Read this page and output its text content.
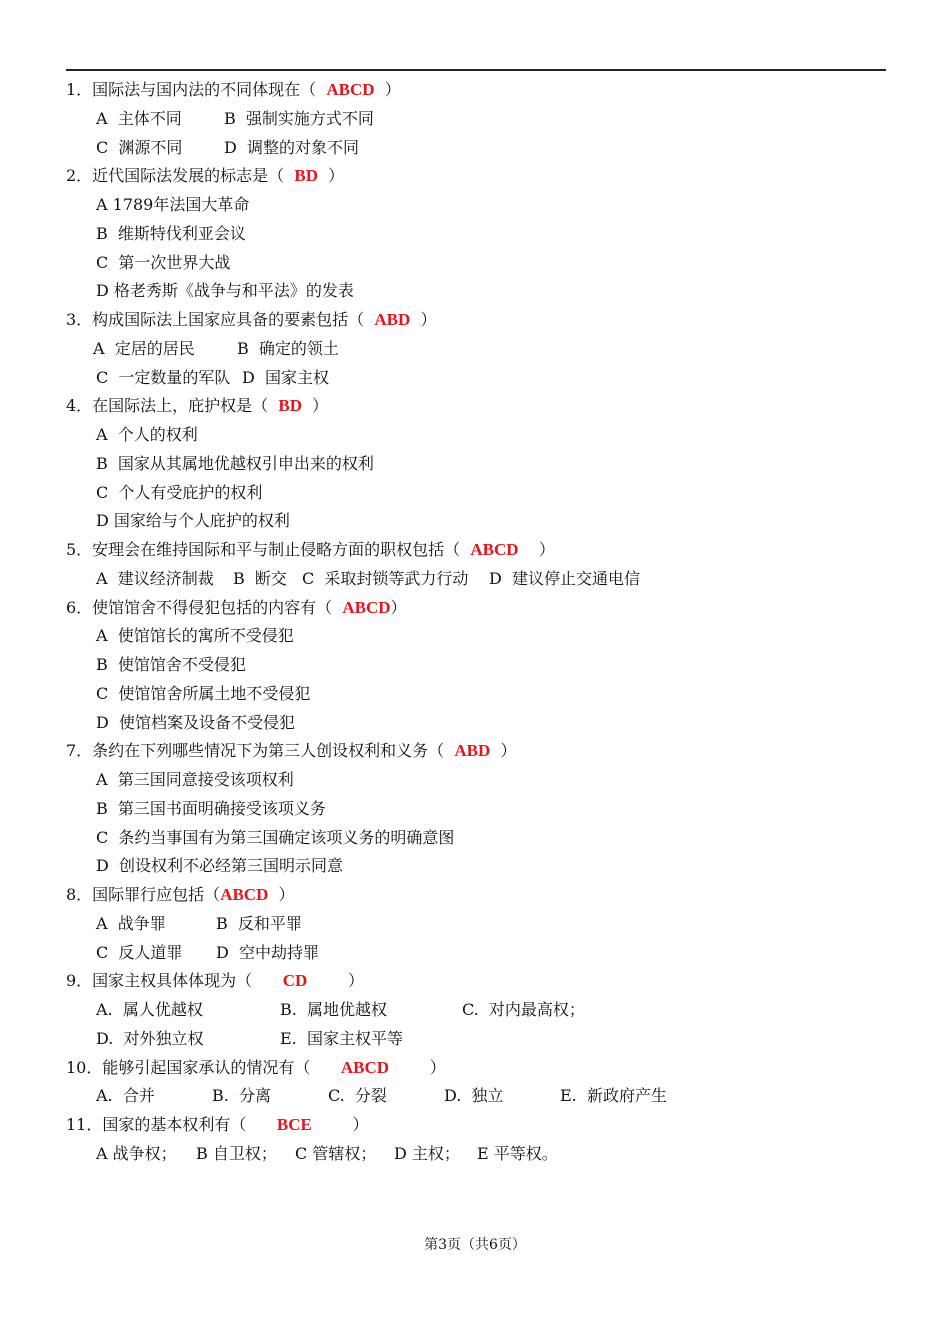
1．国际法与国内法的不同体现在（  ABCD  ）
A  主体不同	B  强制实施方式不同
C  渊源不同	D  调整的对象不同
2．近代国际法发展的标志是（  BD  ）
A 1789年法国大革命
B  维斯特伐利亚会议
C  第一次世界大战
D 格老秀斯《战争与和平法》的发表
3．构成国际法上国家应具备的要素包括（  ABD  ）
A  定居的居民	B  确定的领土
C  一定数量的军队 D  国家主权
4．在国际法上，庇护权是（  BD  ）
A  个人的权利
B  国家从其属地优越权引申出来的权利
C  个人有受庇护的权利
D 国家给与个人庇护的权利
5．安理会在维持国际和平与制止侵略方面的职权包括（  ABCD    ）
A  建议经济制裁 B  断交 C  采取封锁等武力行动 D  建议停止交通电信
6．使馆馆舍不得侵犯包括的内容有（  ABCD）
A  使馆馆长的寓所不受侵犯
B  使馆馆舍不受侵犯
C  使馆馆舍所属土地不受侵犯
D  使馆档案及设备不受侵犯
7．条约在下列哪些情况下为第三人创设权利和义务（  ABD  ）
A  第三国同意接受该项权利
B  第三国书面明确接受该项义务
C  条约当事国有为第三国确定该项义务的明确意图
D  创设权利不必经第三国明示同意
8．国际罪行应包括（ABCD  ）
A  战争罪	B  反和平罪
C  反人道罪 D  空中劫持罪
9．国家主权具体体现为（      CD        ）
A.  属人优越权	B.  属地优越权	C.  对内最高权；
D.  对外独立权	E.  国家主权平等
10．能够引起国家承认的情况有（      ABCD        ）
A.  合并	B.  分离	C.  分裂	D.  独立	E.  新政府产生
11．国家的基本权利有（      BCE        ）
A 战争权； B 自卫权； C 管辖权； D 主权； E 平等权。
第3页（共6页）
